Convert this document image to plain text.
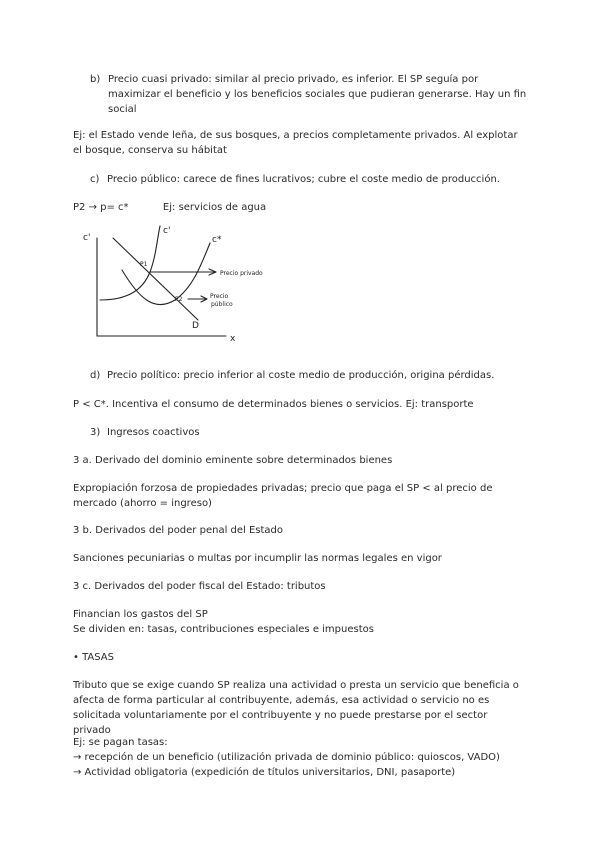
b) Precio cuasi privado: similar al precio privado, es inferior. El SP seguía por maximizar el beneficio y los beneficios sociales que pudieran generarse. Hay un fin social
Ej: el Estado vende leña, de sus bosques, a precios completamente privados. Al explotar el bosque, conserva su hábitat
c) Precio público: carece de fines lucrativos; cubre el coste medio de producción.
P2 → p= c*	Ej: servicios de agua
c'
x
c'
c*
D
P1
P2
Precio privado
Precio
público
d) Precio político: precio inferior al coste medio de producción, origina pérdidas.
P < C*. Incentiva el consumo de determinados bienes o servicios. Ej: transporte
3) Ingresos coactivos
3 a. Derivado del dominio eminente sobre determinados bienes
Expropiación forzosa de propiedades privadas; precio que paga el SP < al precio de mercado (ahorro = ingreso)
3 b. Derivados del poder penal del Estado
Sanciones pecuniarias o multas por incumplir las normas legales en vigor
3 c. Derivados del poder fiscal del Estado: tributos
Financian los gastos del SP
Se dividen en: tasas, contribuciones especiales e impuestos
• TASAS
Tributo que se exige cuando SP realiza una actividad o presta un servicio que beneficia o afecta de forma particular al contribuyente, además, esa actividad o servicio no es solicitada voluntariamente por el contribuyente y no puede prestarse por el sector privado
Ej: se pagan tasas:
→ recepción de un beneficio (utilización privada de dominio público: quioscos, VADO)
→ Actividad obligatoria (expedición de títulos universitarios, DNI, pasaporte)
